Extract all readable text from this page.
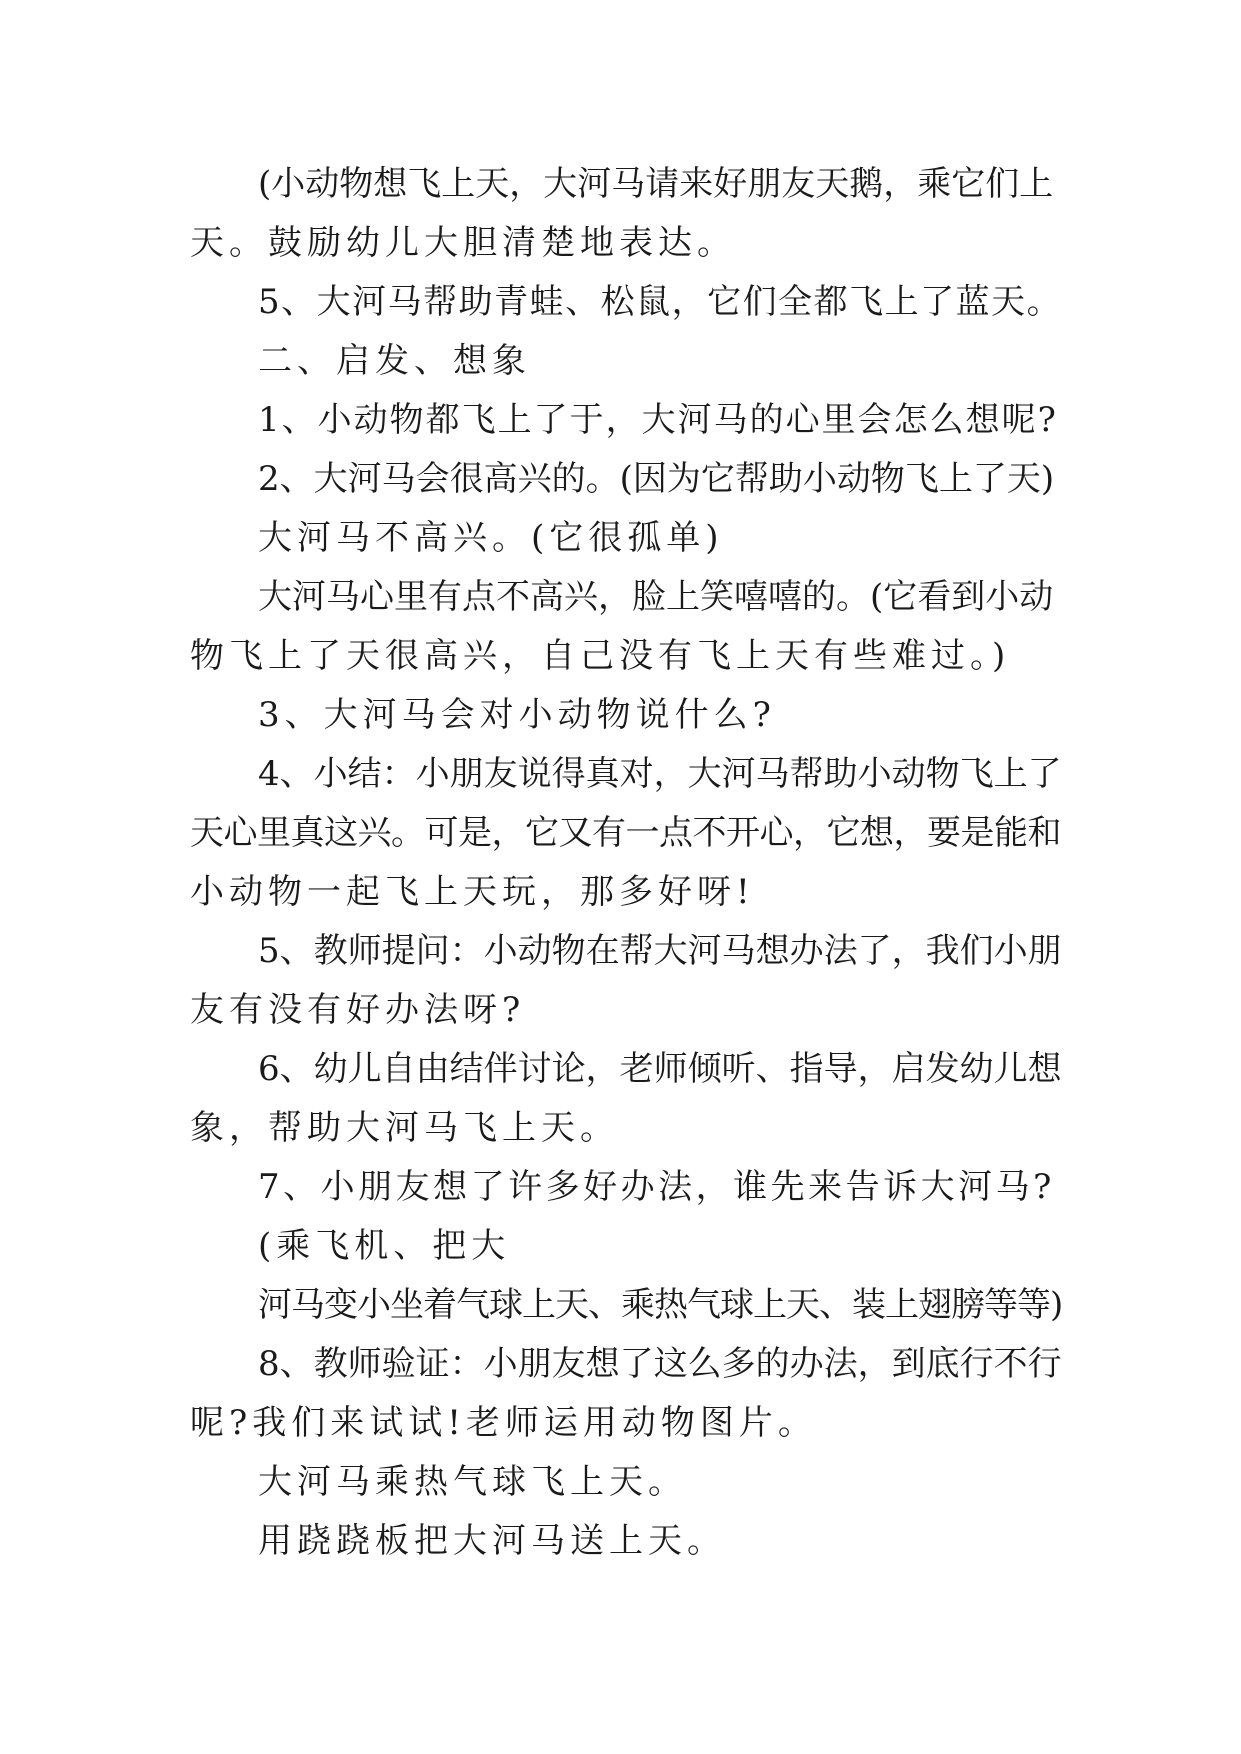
(小动物想飞上天，大河马请来好朋友天鹅，乘它们上
天。鼓励幼儿大胆清楚地表达。
5、大河马帮助青蛙、松鼠，它们全都飞上了蓝天。
二、启发、想象
1、小动物都飞上了于，大河马的心里会怎么想呢?
2、大河马会很高兴的。(因为它帮助小动物飞上了天)
大河马不高兴。(它很孤单)
大河马心里有点不高兴，脸上笑嘻嘻的。(它看到小动
物飞上了天很高兴，自己没有飞上天有些难过。)
3、大河马会对小动物说什么?
4、小结：小朋友说得真对，大河马帮助小动物飞上了
天心里真这兴。可是，它又有一点不开心，它想，要是能和
小动物一起飞上天玩，那多好呀!
5、教师提问：小动物在帮大河马想办法了，我们小朋
友有没有好办法呀?
6、幼儿自由结伴讨论，老师倾听、指导，启发幼儿想
象，帮助大河马飞上天。
7、小朋友想了许多好办法，谁先来告诉大河马?
(乘飞机、把大
河马变小坐着气球上天、乘热气球上天、装上翅膀等等)
8、教师验证：小朋友想了这么多的办法，到底行不行
呢?我们来试试!老师运用动物图片。
大河马乘热气球飞上天。
用跷跷板把大河马送上天。
